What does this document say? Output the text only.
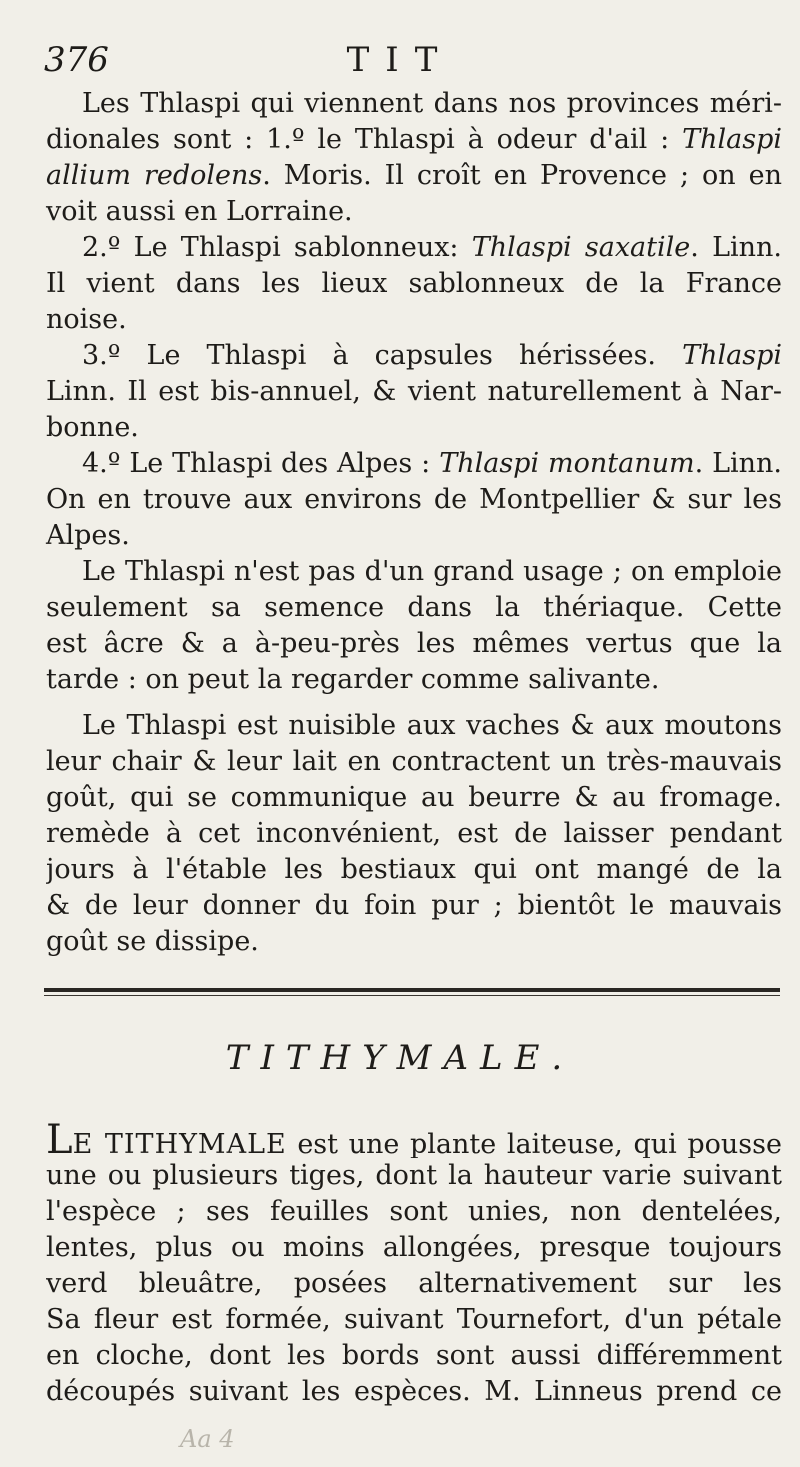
376	TIT
Les Thlaspi qui viennent dans nos provinces méri-
dionales sont : 1.º le Thlaspi à odeur d'ail : Thlaspi
allium redolens. Moris. Il croît en Provence ; on en
voit aussi en Lorraine.
2.º Le Thlaspi sablonneux: Thlaspi saxatile. Linn.
Il vient dans les lieux sablonneux de la France
noise.
3.º Le Thlaspi à capsules hérissées. Thlaspi
Linn. Il est bis-annuel, & vient naturellement à Nar-
bonne.
4.º Le Thlaspi des Alpes : Thlaspi montanum. Linn.
On en trouve aux environs de Montpellier & sur les
Alpes.
Le Thlaspi n'est pas d'un grand usage ; on emploie
seulement sa semence dans la thériaque. Cette
est âcre & a à-peu-près les mêmes vertus que la
tarde : on peut la regarder comme salivante.
Le Thlaspi est nuisible aux vaches & aux moutons
leur chair & leur lait en contractent un très-mauvais
goût, qui se communique au beurre & au fromage.
remède à cet inconvénient, est de laisser pendant
jours à l'étable les bestiaux qui ont mangé de la
& de leur donner du foin pur ; bientôt le mauvais
goût se dissipe.
TITHYMALE.
LE TITHYMALE est une plante laiteuse, qui pousse
une ou plusieurs tiges, dont la hauteur varie suivant
l'espèce ; ses feuilles sont unies, non dentelées,
lentes, plus ou moins allongées, presque toujours
verd bleuâtre, posées alternativement sur les
Sa fleur est formée, suivant Tournefort, d'un pétale
en cloche, dont les bords sont aussi différemment
découpés suivant les espèces. M. Linneus prend ce
Aa 4
